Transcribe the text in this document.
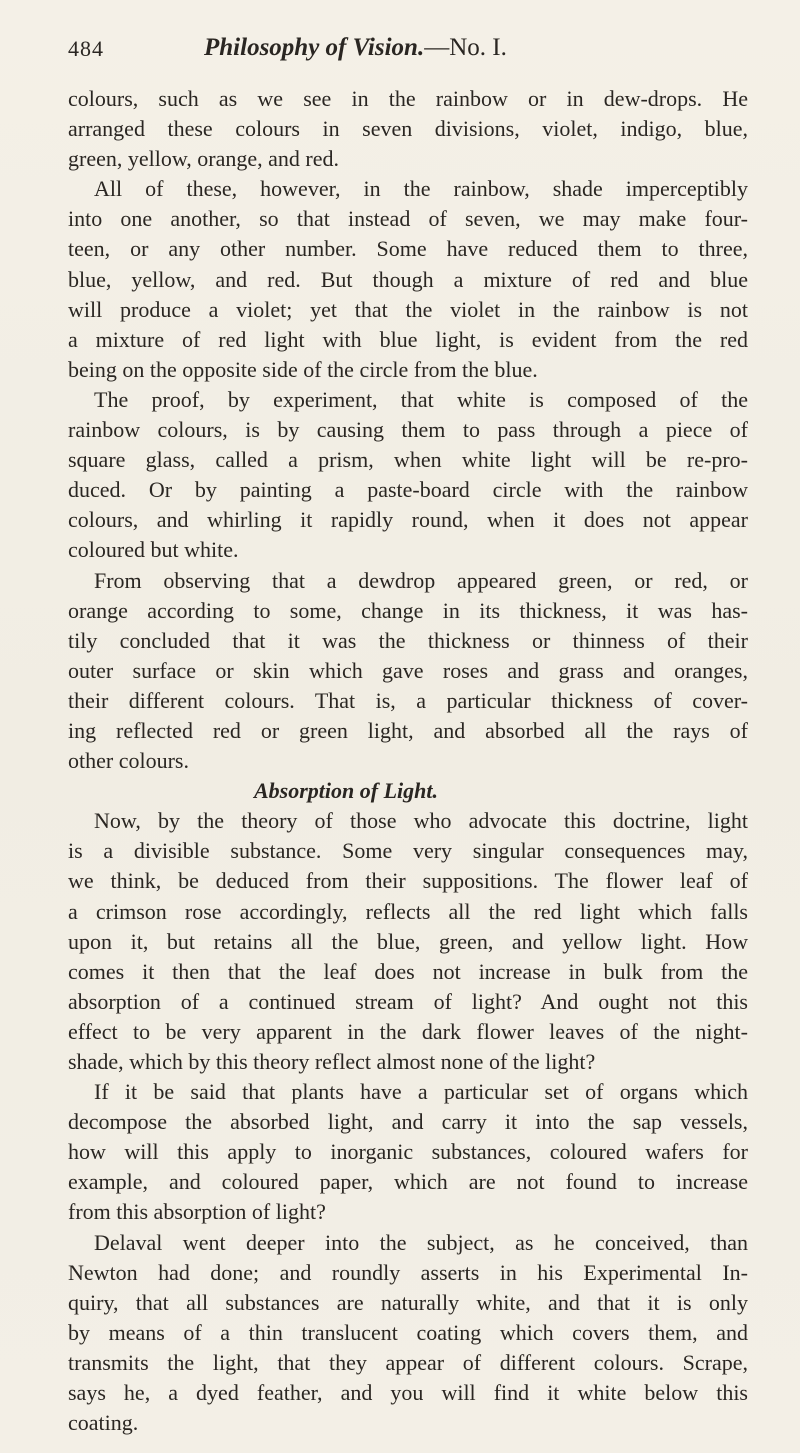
484	Philosophy of Vision.—No. I.
colours, such as we see in the rainbow or in dew-drops. He
arranged these colours in seven divisions, violet, indigo, blue,
green, yellow, orange, and red.
All of these, however, in the rainbow, shade imperceptibly
into one another, so that instead of seven, we may make four-
teen, or any other number. Some have reduced them to three,
blue, yellow, and red. But though a mixture of red and blue
will produce a violet; yet that the violet in the rainbow is not
a mixture of red light with blue light, is evident from the red
being on the opposite side of the circle from the blue.
The proof, by experiment, that white is composed of the
rainbow colours, is by causing them to pass through a piece of
square glass, called a prism, when white light will be re-pro-
duced. Or by painting a paste-board circle with the rainbow
colours, and whirling it rapidly round, when it does not appear
coloured but white.
From observing that a dewdrop appeared green, or red, or
orange according to some, change in its thickness, it was has-
tily concluded that it was the thickness or thinness of their
outer surface or skin which gave roses and grass and oranges,
their different colours. That is, a particular thickness of cover-
ing reflected red or green light, and absorbed all the rays of
other colours.
Absorption of Light.
Now, by the theory of those who advocate this doctrine, light
is a divisible substance. Some very singular consequences may,
we think, be deduced from their suppositions. The flower leaf of
a crimson rose accordingly, reflects all the red light which falls
upon it, but retains all the blue, green, and yellow light. How
comes it then that the leaf does not increase in bulk from the
absorption of a continued stream of light? And ought not this
effect to be very apparent in the dark flower leaves of the night-
shade, which by this theory reflect almost none of the light?
If it be said that plants have a particular set of organs which
decompose the absorbed light, and carry it into the sap vessels,
how will this apply to inorganic substances, coloured wafers for
example, and coloured paper, which are not found to increase
from this absorption of light?
Delaval went deeper into the subject, as he conceived, than
Newton had done; and roundly asserts in his Experimental In-
quiry, that all substances are naturally white, and that it is only
by means of a thin translucent coating which covers them, and
transmits the light, that they appear of different colours. Scrape,
says he, a dyed feather, and you will find it white below this
coating.
